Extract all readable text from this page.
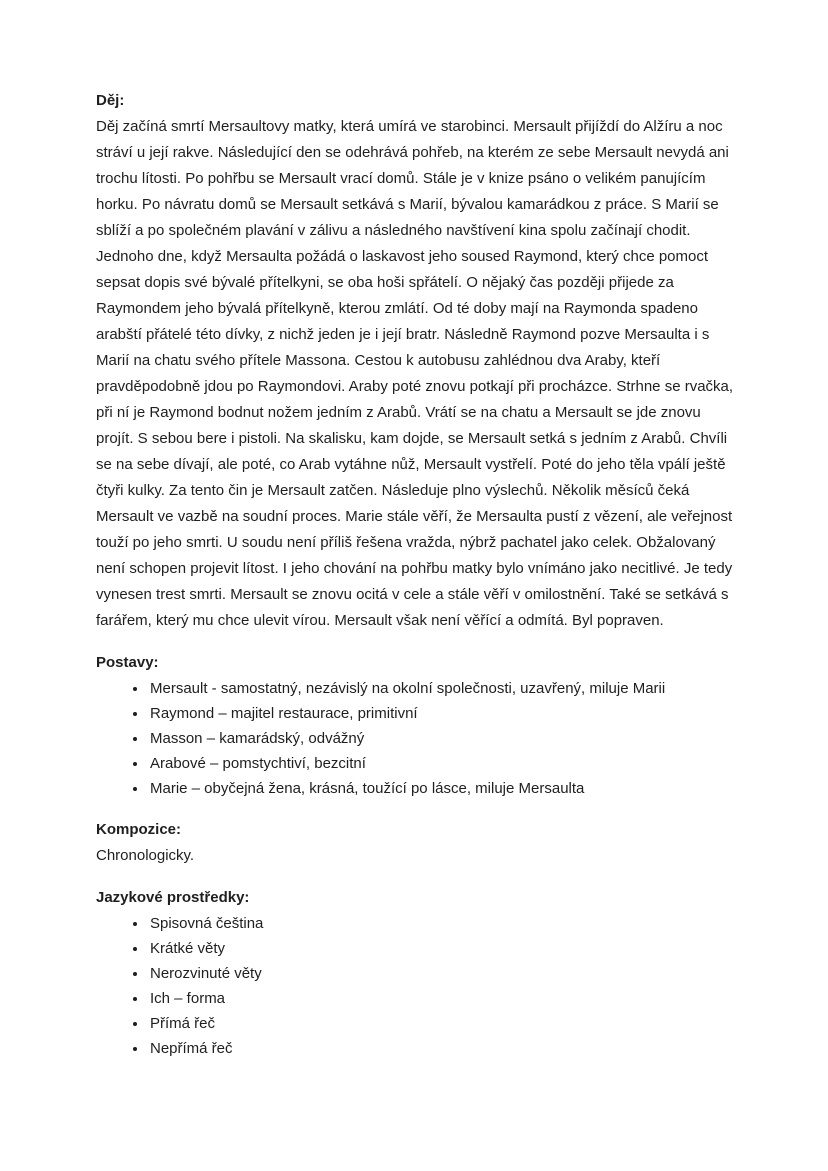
Děj:

Děj začíná smrtí Mersaultovy matky, která umírá ve starobinci. Mersault přijíždí do Alžíru a noc stráví u její rakve. Následující den se odehrává pohřeb, na kterém ze sebe Mersault nevydá ani trochu lítosti. Po pohřbu se Mersault vrací domů. Stále je v knize psáno o velikém panujícím horku. Po návratu domů se Mersault setkává s Marií, bývalou kamarádkou z práce. S Marií se sblíží a po společném plavání v zálivu a následného navštívení kina spolu začínají chodit. Jednoho dne, když Mersaulta požádá o laskavost jeho soused Raymond, který chce pomoct sepsat dopis své bývalé přítelkyni, se oba hoši spřátelí. O nějaký čas později přijede za Raymondem jeho bývalá přítelkyně, kterou zmlátí. Od té doby mají na Raymonda spadeno arabští přátelé této dívky, z nichž jeden je i její bratr. Následně Raymond pozve Mersaulta i s Marií na chatu svého přítele Massona. Cestou k autobusu zahlédnou dva Araby, kteří pravděpodobně jdou po Raymondovi. Araby poté znovu potkají při procházce. Strhne se rvačka, při ní je Raymond bodnut nožem jedním z Arabů. Vrátí se na chatu a Mersault se jde znovu projít. S sebou bere i pistoli. Na skalisku, kam dojde, se Mersault setká s jedním z Arabů. Chvíli se na sebe dívají, ale poté, co Arab vytáhne nůž, Mersault vystřelí. Poté do jeho těla vpálí ještě čtyři kulky. Za tento čin je Mersault zatčen. Následuje plno výslechů. Několik měsíců čeká Mersault ve vazbě na soudní proces. Marie stále věří, že Mersaulta pustí z vězení, ale veřejnost touží po jeho smrti. U soudu není příliš řešena vražda, nýbrž pachatel jako celek. Obžalovaný není schopen projevit lítost. I jeho chování na pohřbu matky bylo vnímáno jako necitlivé. Je tedy vynesen trest smrti. Mersault se znovu ocitá v cele a stále věří v omilostnění. Také se setkává s farářem, který mu chce ulevit vírou. Mersault však není věřící a odmítá. Byl popraven.

Postavy:
• Mersault - samostatný, nezávislý na okolní společnosti, uzavřený, miluje Marii
• Raymond – majitel restaurace, primitivní
• Masson – kamarádský, odvážný
• Arabové – pomstychtiví, bezcitní
• Marie – obyčejná žena, krásná, toužící po lásce, miluje Mersaulta
Kompozice:

Chronologicky.

Jazykové prostředky:
• Spisovná čeština
• Krátké věty
• Nerozvinuté věty
• Ich – forma
• Přímá řeč
• Nepřímá řeč
